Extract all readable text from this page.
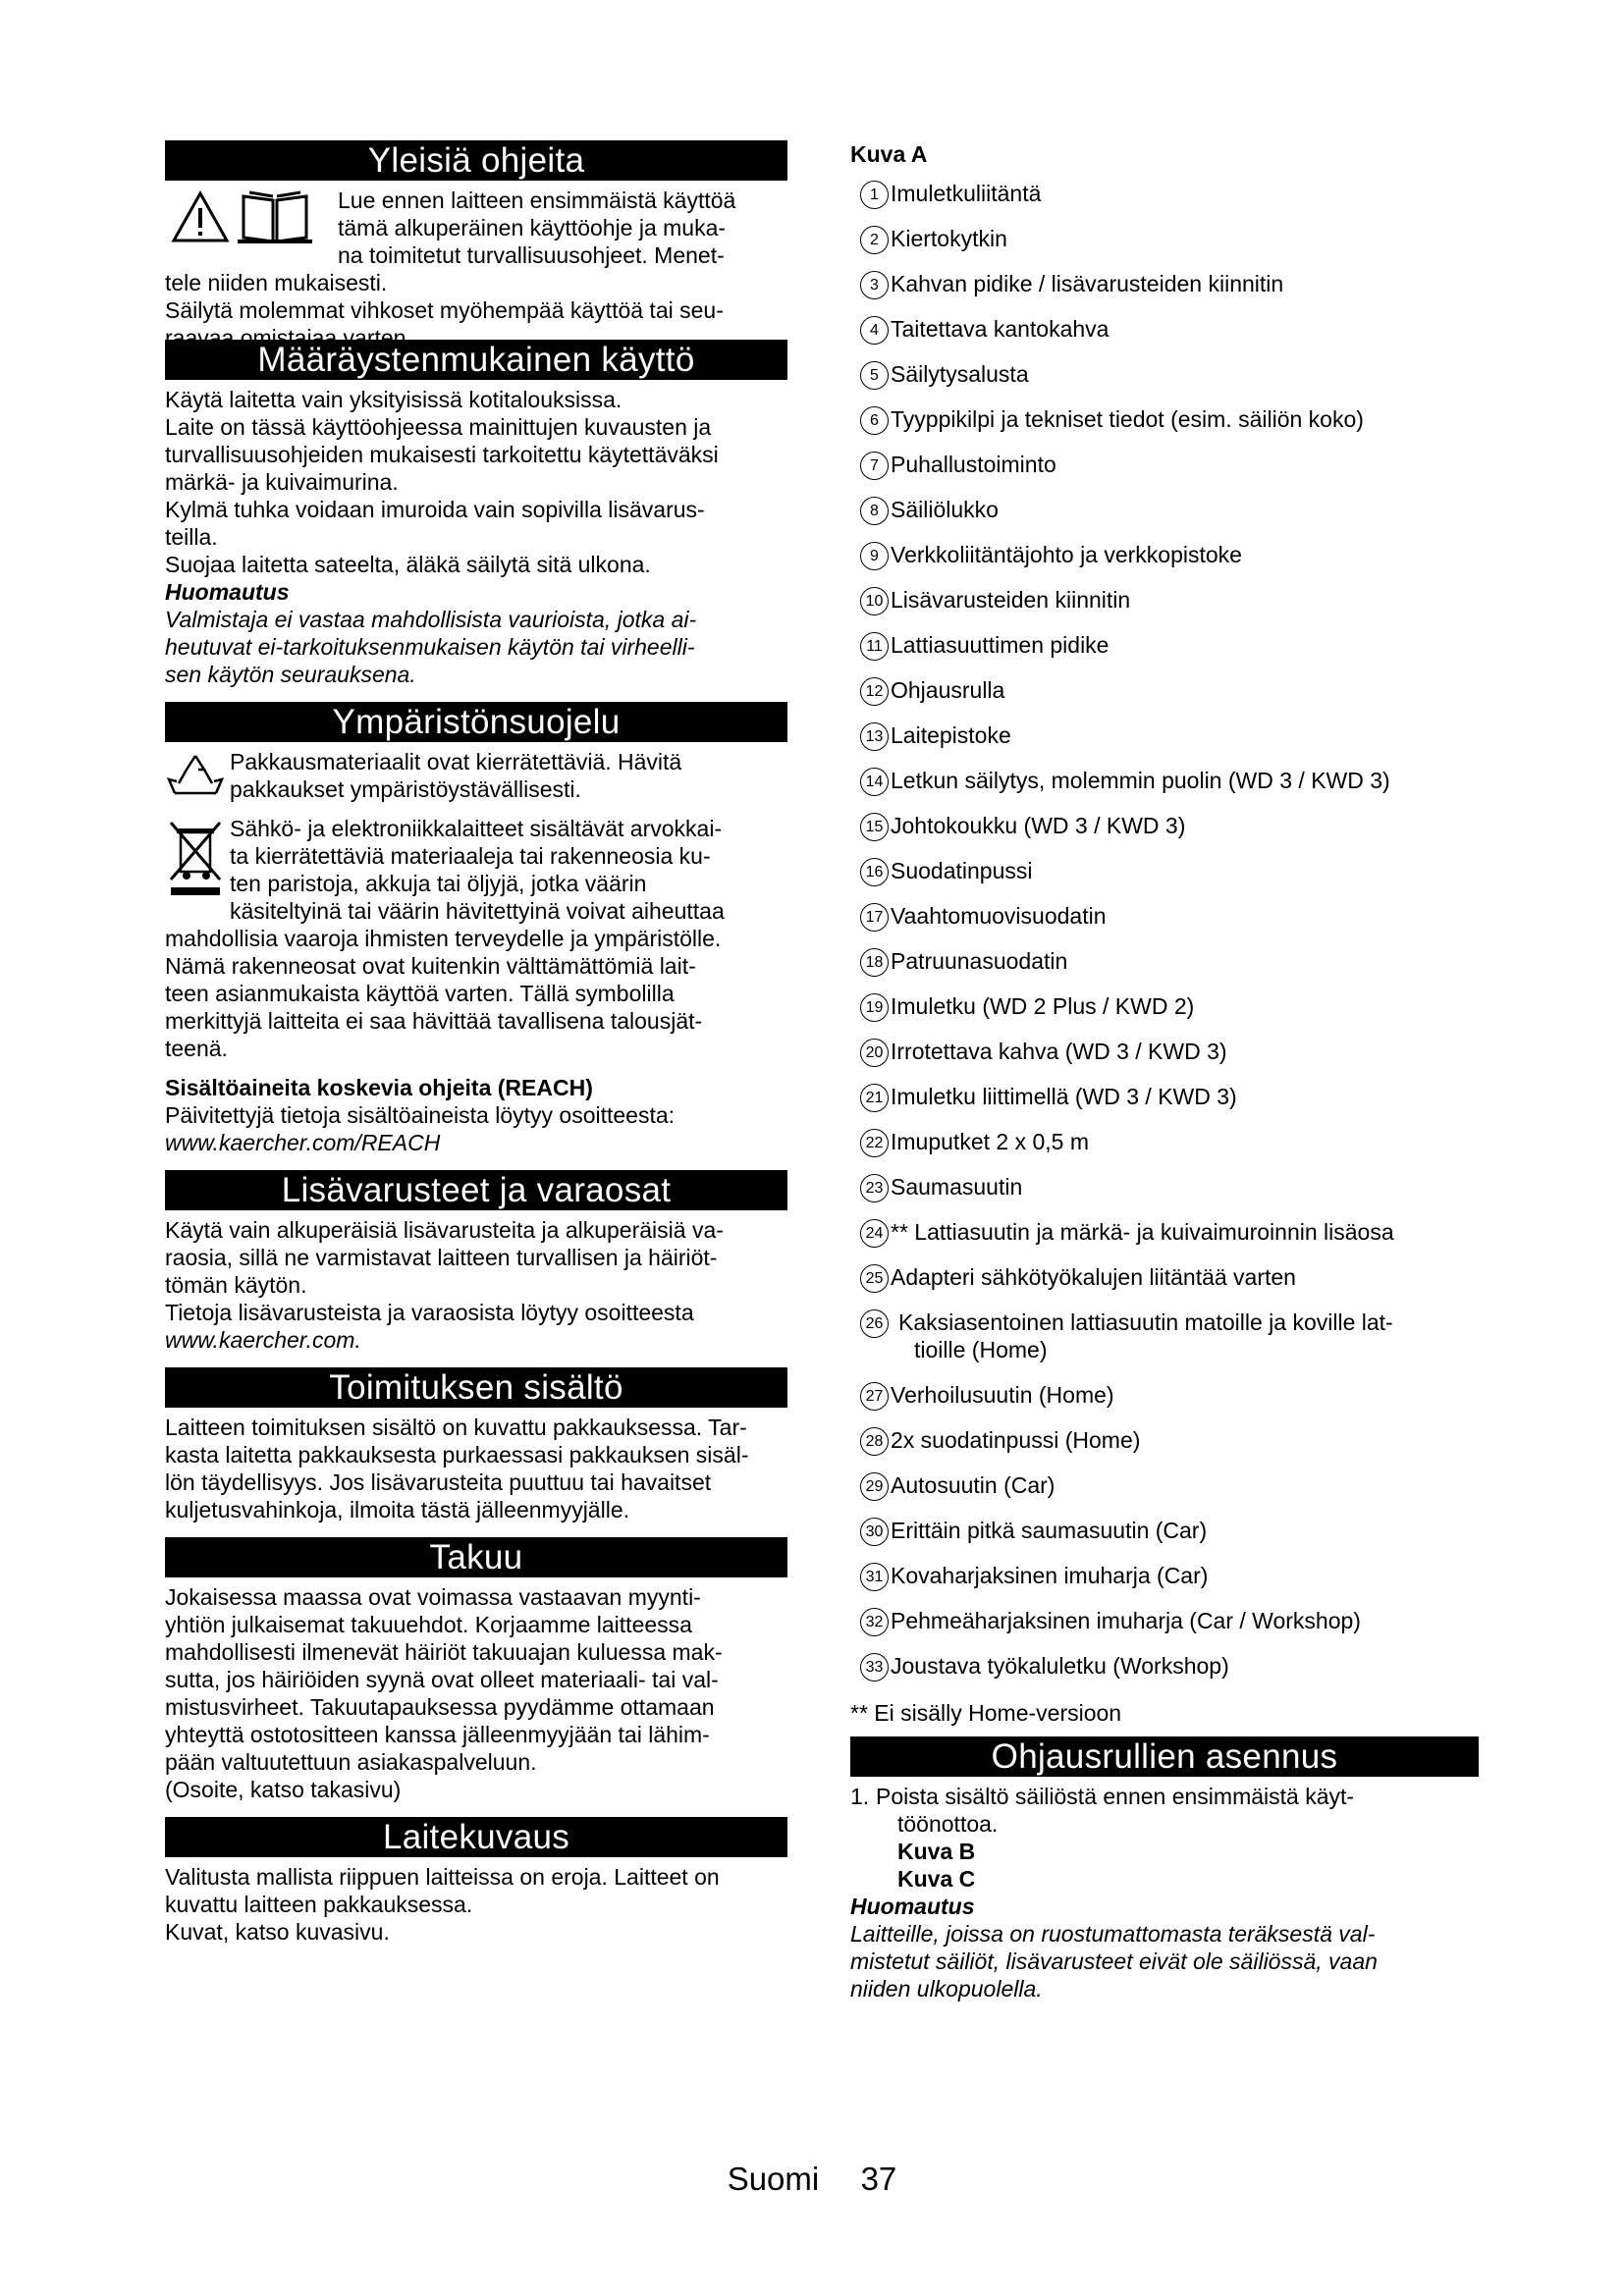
Yleisiä ohjeita

Lue ennen laitteen ensimmäistä käyttöä

tämä alkuperäinen käyttöohje ja muka-

na toimitetut turvallisuusohjeet. Menet-

tele niiden mukaisesti.

Säilytä molemmat vihkoset myöhempää käyttöä tai seu-

raavaa omistajaa varten.

Määräystenmukainen käyttö

Käytä laitetta vain yksityisissä kotitalouksissa.

Laite on tässä käyttöohjeessa mainittujen kuvausten ja

turvallisuusohjeiden mukaisesti tarkoitettu käytettäväksi

märkä- ja kuivaimurina.

Kylmä tuhka voidaan imuroida vain sopivilla lisävarus-

teilla.

Suojaa laitetta sateelta, äläkä säilytä sitä ulkona.

Huomautus

Valmistaja ei vastaa mahdollisista vaurioista, jotka ai-

heutuvat ei-tarkoituksenmukaisen käytön tai virheelli-

sen käytön seurauksena.

Ympäristönsuojelu

Pakkausmateriaalit ovat kierrätettäviä. Hävitä

pakkaukset ympäristöystävällisesti.

Sähkö- ja elektroniikkalaitteet sisältävät arvokkai-

ta kierrätettäviä materiaaleja tai rakenneosia ku-

ten paristoja, akkuja tai öljyjä, jotka väärin

käsiteltyinä tai väärin hävitettyinä voivat aiheuttaa

mahdollisia vaaroja ihmisten terveydelle ja ympäristölle.

Nämä rakenneosat ovat kuitenkin välttämättömiä lait-

teen asianmukaista käyttöä varten. Tällä symbolilla

merkittyjä laitteita ei saa hävittää tavallisena talousjät-

teenä.

Sisältöaineita koskevia ohjeita (REACH)

Päivitettyjä tietoja sisältöaineista löytyy osoitteesta:

www.kaercher.com/REACH

Lisävarusteet ja varaosat

Käytä vain alkuperäisiä lisävarusteita ja alkuperäisiä va-

raosia, sillä ne varmistavat laitteen turvallisen ja häiriöt-

tömän käytön.

Tietoja lisävarusteista ja varaosista löytyy osoitteesta

www.kaercher.com.

Toimituksen sisältö

Laitteen toimituksen sisältö on kuvattu pakkauksessa. Tar-

kasta laitetta pakkauksesta purkaessasi pakkauksen sisäl-

lön täydellisyys. Jos lisävarusteita puuttuu tai havaitset

kuljetusvahinkoja, ilmoita tästä jälleenmyyjälle.

Takuu

Jokaisessa maassa ovat voimassa vastaavan myynti-

yhtiön julkaisemat takuuehdot. Korjaamme laitteessa

mahdollisesti ilmenevät häiriöt takuuajan kuluessa mak-

sutta, jos häiriöiden syynä ovat olleet materiaali- tai val-

mistusvirheet. Takuutapauksessa pyydämme ottamaan

yhteyttä ostotositteen kanssa jälleenmyyjään tai lähim-

pään valtuutettuun asiakaspalveluun.

(Osoite, katso takasivu)

Laitekuvaus

Valitusta mallista riippuen laitteissa on eroja. Laitteet on

kuvattu laitteen pakkauksessa.

Kuvat, katso kuvasivu.

Kuva A

1 Imuletkuliitäntä
2 Kiertokytkin
3 Kahvan pidike / lisävarusteiden kiinnitin
4 Taitettava kantokahva
5 Säilytysalusta
6 Tyyppikilpi ja tekniset tiedot (esim. säiliön koko)
7 Puhallustoiminto
8 Säiliölukko
9 Verkkoliitäntäjohto ja verkkopistoke
10 Lisävarusteiden kiinnitin
11 Lattiasuuttimen pidike
12 Ohjausrulla
13 Laitepistoke
14 Letkun säilytys, molemmin puolin (WD 3 / KWD 3)
15 Johtokoukku (WD 3 / KWD 3)
16 Suodatinpussi
17 Vaahtomuovisuodatin
18 Patruunasuodatin
19 Imuletku (WD 2 Plus / KWD 2)
20 Irrotettava kahva (WD 3 / KWD 3)
21 Imuletku liittimellä (WD 3 / KWD 3)
22 Imuputket 2 x 0,5 m
23 Saumasuutin
24 ** Lattiasuutin ja märkä- ja kuivaimuroinnin lisäosa
25 Adapteri sähkötyökalujen liitäntää varten
26 Kaksiasentoinen lattiasuutin matoille ja koville lat-
tioille (Home)
27 Verhoilusuutin (Home)
28 2x suodatinpussi (Home)
29 Autosuutin (Car)
30 Erittäin pitkä saumasuutin (Car)
31 Kovaharjaksinen imuharja (Car)
32 Pehmeäharjaksinen imuharja (Car / Workshop)
33 Joustava työkaluletku (Workshop)

** Ei sisälly Home-versioon

Ohjausrullien asennus

1. Poista sisältö säiliöstä ennen ensimmäistä käyt-

töönottoa.

Kuva B

Kuva C

Huomautus

Laitteille, joissa on ruostumattomasta teräksestä val-

mistetut säiliöt, lisävarusteet eivät ole säiliössä, vaan

niiden ulkopuolella.

Suomi 37
